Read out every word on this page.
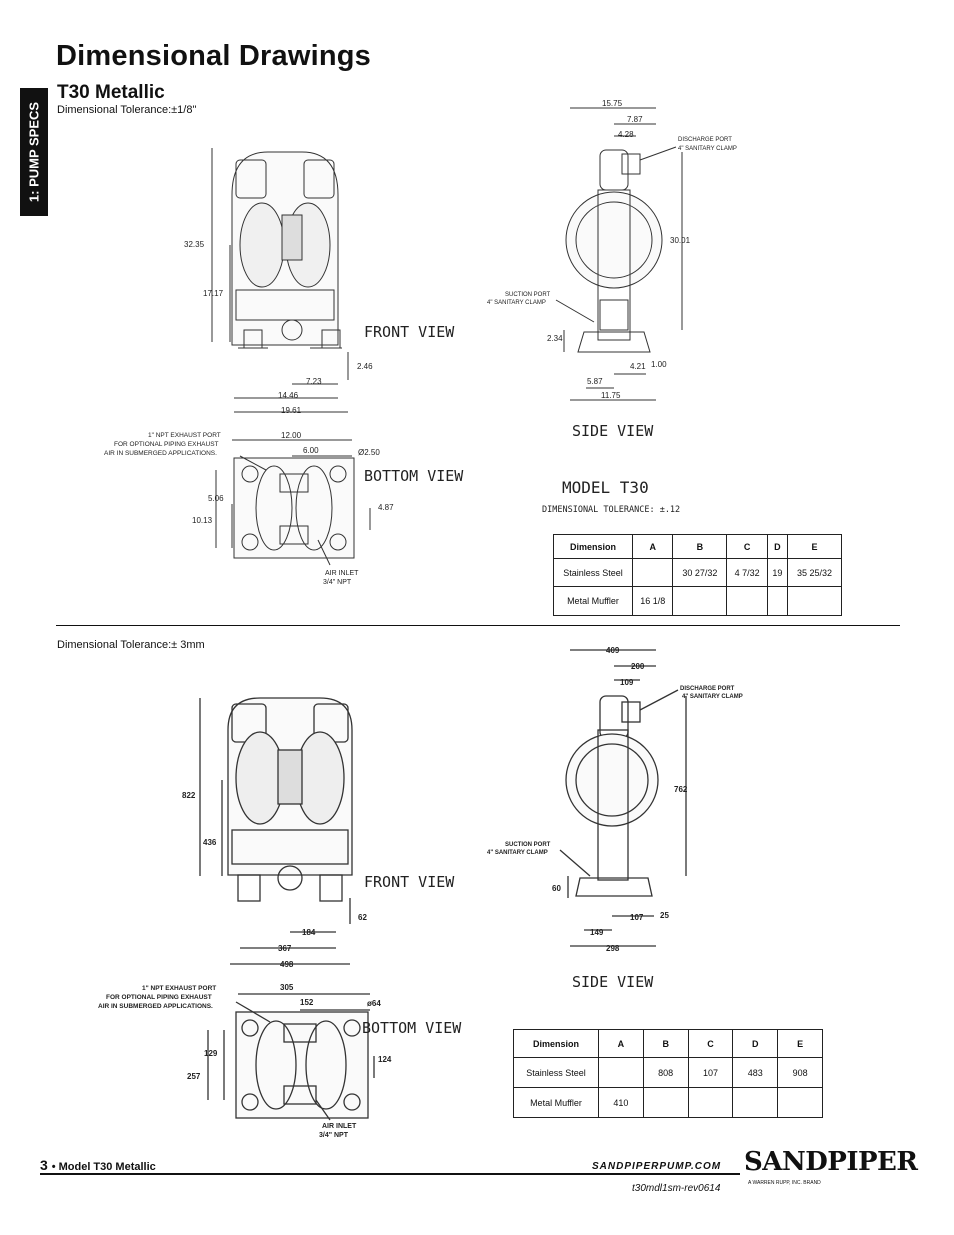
Dimensional Drawings
1: PUMP SPECS
T30 Metallic
Dimensional Tolerance:±1/8"
FRONT VIEW
SIDE VIEW
BOTTOM VIEW
MODEL T30
DIMENSIONAL TOLERANCE: ±.12
32.35
17.17
2.46
7.23
14.46
19.61
15.75
7.87
4.28
30.01
2.34
4.21 1.00
5.87
11.75
DISCHARGE PORT
4" SANITARY CLAMP
SUCTION PORT
4" SANITARY CLAMP
12.00
6.00	Ø2.50
5.06
10.13
4.87
1" NPT EXHAUST PORT
FOR OPTIONAL PIPING EXHAUST
AIR IN SUBMERGED APPLICATIONS.
AIR INLET
3/4" NPT
Dimension	A	B	C	D	E
Stainless Steel		30 27/32	4 7/32	19	35 25/32
Metal Muffler	16 1/8				
Dimensional Tolerance:± 3mm
FRONT VIEW
SIDE VIEW
BOTTOM VIEW
822
436
62
184
367
498
409
200
109
762
60
107 25
149
298
DISCHARGE PORT
4" SANITARY CLAMP
SUCTION PORT
4" SANITARY CLAMP
305
152	ø64
129
257
124
1" NPT EXHAUST PORT
FOR OPTIONAL PIPING EXHAUST
AIR IN SUBMERGED APPLICATIONS.
AIR INLET
3/4" NPT
Dimension	A	B	C	D	E
Stainless Steel		808	107	483	908
Metal Muffler	410				
3 • Model T30 Metallic	SANDPIPERPUMP.COM
t30mdl1sm-rev0614
SANDPIPER
A WARREN RUPP, INC. BRAND
